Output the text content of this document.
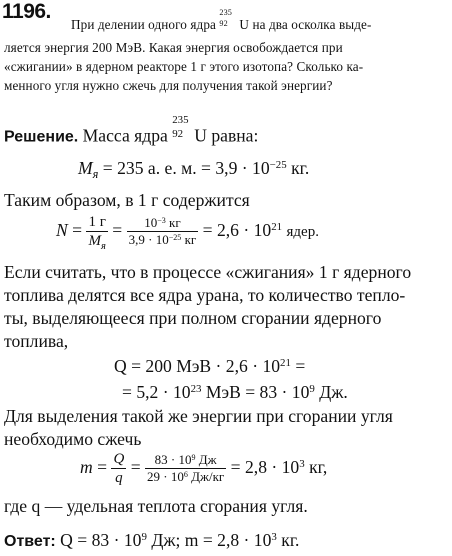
1196.
При делении одного ядра
235
92 U на два осколка выде-
ляется энергия 200 МэВ. Какая энергия освобождается при
«сжигании» в ядерном реакторе 1 г этого изотопа? Сколько ка-
менного угля нужно сжечь для получения такой энергии?
Решение. Масса ядра
235
92 U равна:
$M_я = 235$ а. е. м. = $3,9 \cdot 10^{-25}$ кг.
Таким образом, в 1 г содержится
$N = \frac{1 г}{M_я} = \frac{10^{-3} кг}{3,9 \cdot 10^{-25} кг} = 2,6 \cdot 10^{21}$ ядер.
Если считать, что в процессе «сжигания» 1 г ядерного
топлива делятся все ядра урана, то количество тепло-
ты, выделяющееся при полном сгорании ядерного
топлива,
Q = 200 МэВ · $2,6 \cdot 10^{21}$ =
= $5,2 \cdot 10^{23}$ МэВ = $83 \cdot 10^9$ Дж.
Для выделения такой же энергии при сгорании угля
необходимо сжечь
$m = \frac{Q}{q} = \frac{83 \cdot 10^9 Дж}{29 \cdot 10^6 Дж/кг} = 2,8 \cdot 10^3$ кг,
где q — удельная теплота сгорания угля.
Ответ: $Q = 83 \cdot 10^9$ Дж; $m = 2,8 \cdot 10^3$ кг.
